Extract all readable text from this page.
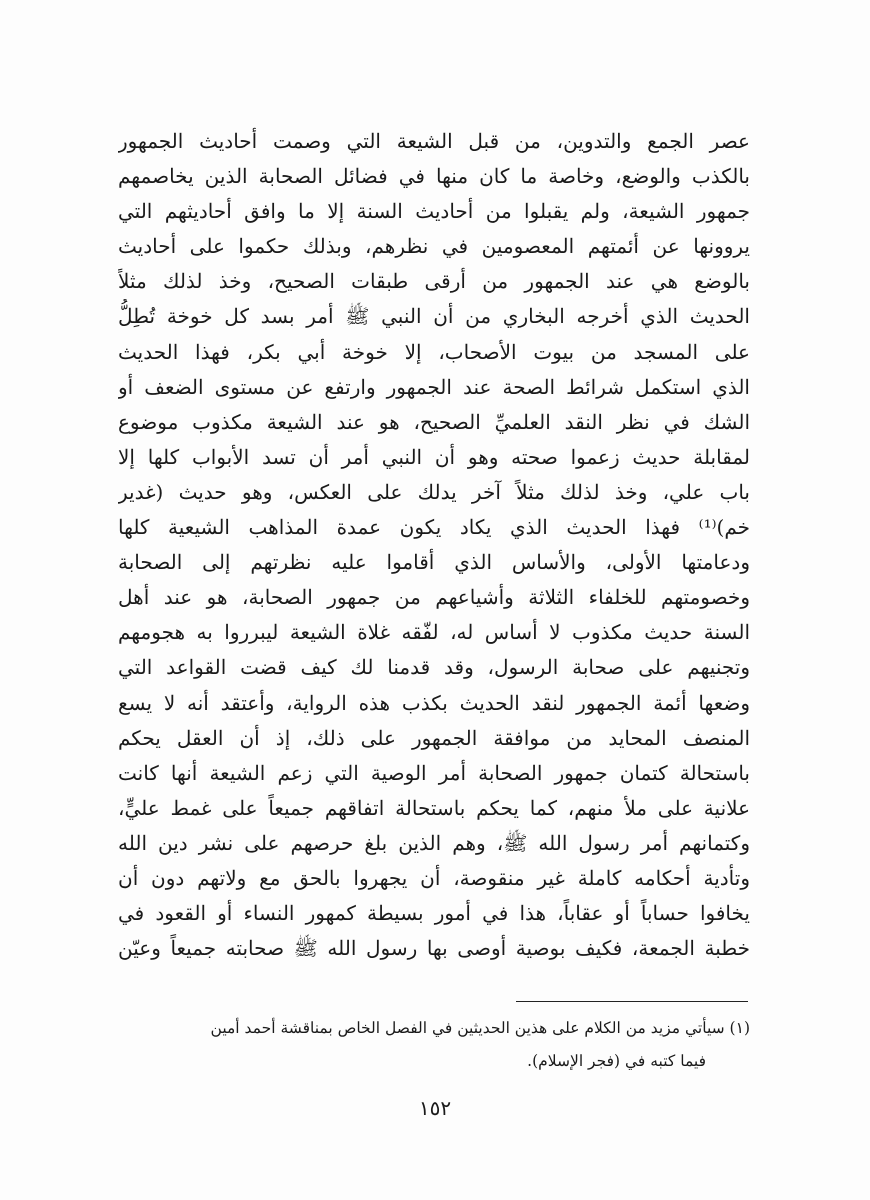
عصر الجمع والتدوين، من قبل الشيعة التي وصمت أحاديث الجمهور
بالكذب والوضع، وخاصة ما كان منها في فضائل الصحابة الذين يخاصمهم
جمهور الشيعة، ولم يقبلوا من أحاديث السنة إلا ما وافق أحاديثهم التي
يروونها عن أئمتهم المعصومين في نظرهم، وبذلك حكموا على أحاديث
بالوضع هي عند الجمهور من أرقى طبقات الصحيح، وخذ لذلك مثلاً
الحديث الذي أخرجه البخاري من أن النبي ﷺ أمر بسد كل خوخة تُطِلُّ
على المسجد من بيوت الأصحاب، إلا خوخة أبي بكر، فهذا الحديث
الذي استكمل شرائط الصحة عند الجمهور وارتفع عن مستوى الضعف أو
الشك في نظر النقد العلميِّ الصحيح، هو عند الشيعة مكذوب موضوع
لمقابلة حديث زعموا صحته وهو أن النبي أمر أن تسد الأبواب كلها إلا
باب علي، وخذ لذلك مثلاً آخر يدلك على العكس، وهو حديث (غدير
خم)⁽¹⁾ فهذا الحديث الذي يكاد يكون عمدة المذاهب الشيعية كلها
ودعامتها الأولى، والأساس الذي أقاموا عليه نظرتهم إلى الصحابة
وخصومتهم للخلفاء الثلاثة وأشياعهم من جمهور الصحابة، هو عند أهل
السنة حديث مكذوب لا أساس له، لفّقه غلاة الشيعة ليبرروا به هجومهم
وتجنيهم على صحابة الرسول، وقد قدمنا لك كيف قضت القواعد التي
وضعها أئمة الجمهور لنقد الحديث بكذب هذه الرواية، وأعتقد أنه لا يسع
المنصف المحايد من موافقة الجمهور على ذلك، إذ أن العقل يحكم
باستحالة كتمان جمهور الصحابة أمر الوصية التي زعم الشيعة أنها كانت
علانية على ملأ منهم، كما يحكم باستحالة اتفاقهم جميعاً على غمط عليٍّ،
وكتمانهم أمر رسول الله ﷺ، وهم الذين بلغ حرصهم على نشر دين الله
وتأدية أحكامه كاملة غير منقوصة، أن يجهروا بالحق مع ولاتهم دون أن
يخافوا حساباً أو عقاباً، هذا في أمور بسيطة كمهور النساء أو القعود في
خطبة الجمعة، فكيف بوصية أوصى بها رسول الله ﷺ صحابته جميعاً وعيّن
(١) سيأتي مزيد من الكلام على هذين الحديثين في الفصل الخاص بمناقشة أحمد أمين
فيما كتبه في (فجر الإسلام).
١٥٢
